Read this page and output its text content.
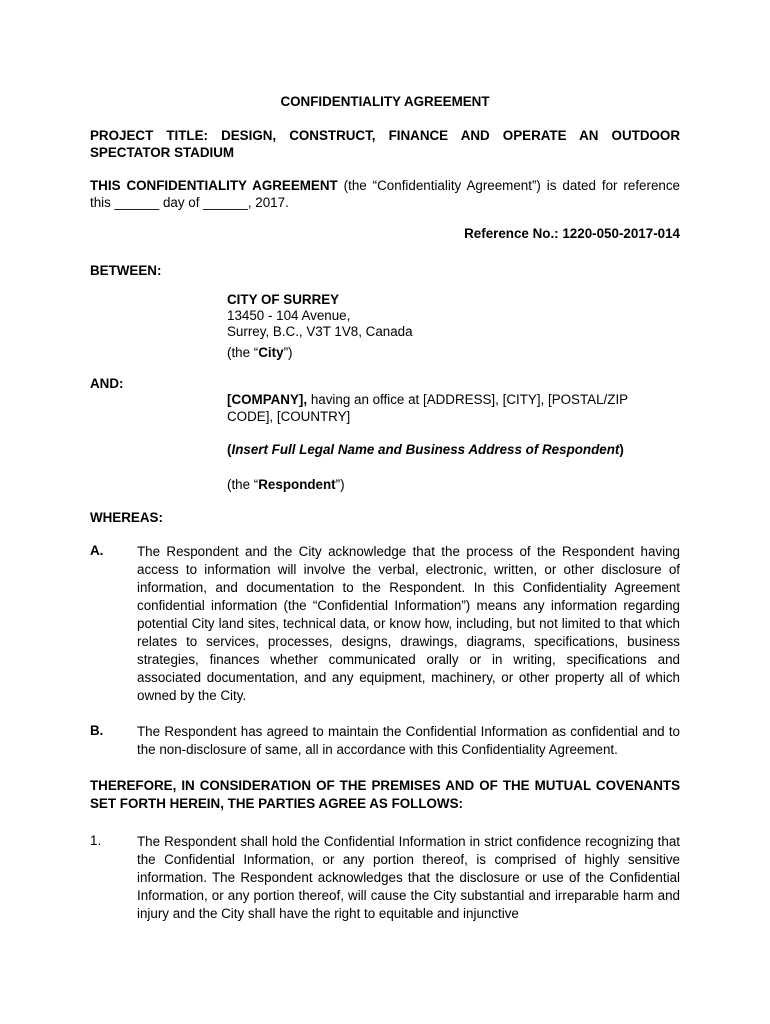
CONFIDENTIALITY AGREEMENT
PROJECT TITLE: DESIGN, CONSTRUCT, FINANCE AND OPERATE AN OUTDOOR SPECTATOR STADIUM
THIS CONFIDENTIALITY AGREEMENT (the “Confidentiality Agreement”) is dated for reference this ______ day of ______, 2017.
Reference No.: 1220-050-2017-014
BETWEEN:

CITY OF SURREY

13450 - 104 Avenue,

Surrey, B.C., V3T 1V8, Canada

(the “City”)

AND:
[COMPANY], having an office at [ADDRESS], [CITY], [POSTAL/ZIP CODE], [COUNTRY]
(Insert Full Legal Name and Business Address of Respondent)
(the “Respondent”)
WHEREAS:
A.	The Respondent and the City acknowledge that the process of the Respondent having access to information will involve the verbal, electronic, written, or other disclosure of information, and documentation to the Respondent. In this Confidentiality Agreement confidential information (the “Confidential Information”) means any information regarding potential City land sites, technical data, or know how, including, but not limited to that which relates to services, processes, designs, drawings, diagrams, specifications, business strategies, finances whether communicated orally or in writing, specifications and associated documentation, and any equipment, machinery, or other property all of which owned by the City.
B.	The Respondent has agreed to maintain the Confidential Information as confidential and to the non-disclosure of same, all in accordance with this Confidentiality Agreement.
THEREFORE, IN CONSIDERATION OF THE PREMISES AND OF THE MUTUAL COVENANTS SET FORTH HEREIN, THE PARTIES AGREE AS FOLLOWS:
1.	The Respondent shall hold the Confidential Information in strict confidence recognizing that the Confidential Information, or any portion thereof, is comprised of highly sensitive information. The Respondent acknowledges that the disclosure or use of the Confidential Information, or any portion thereof, will cause the City substantial and irreparable harm and injury and the City shall have the right to equitable and injunctive
